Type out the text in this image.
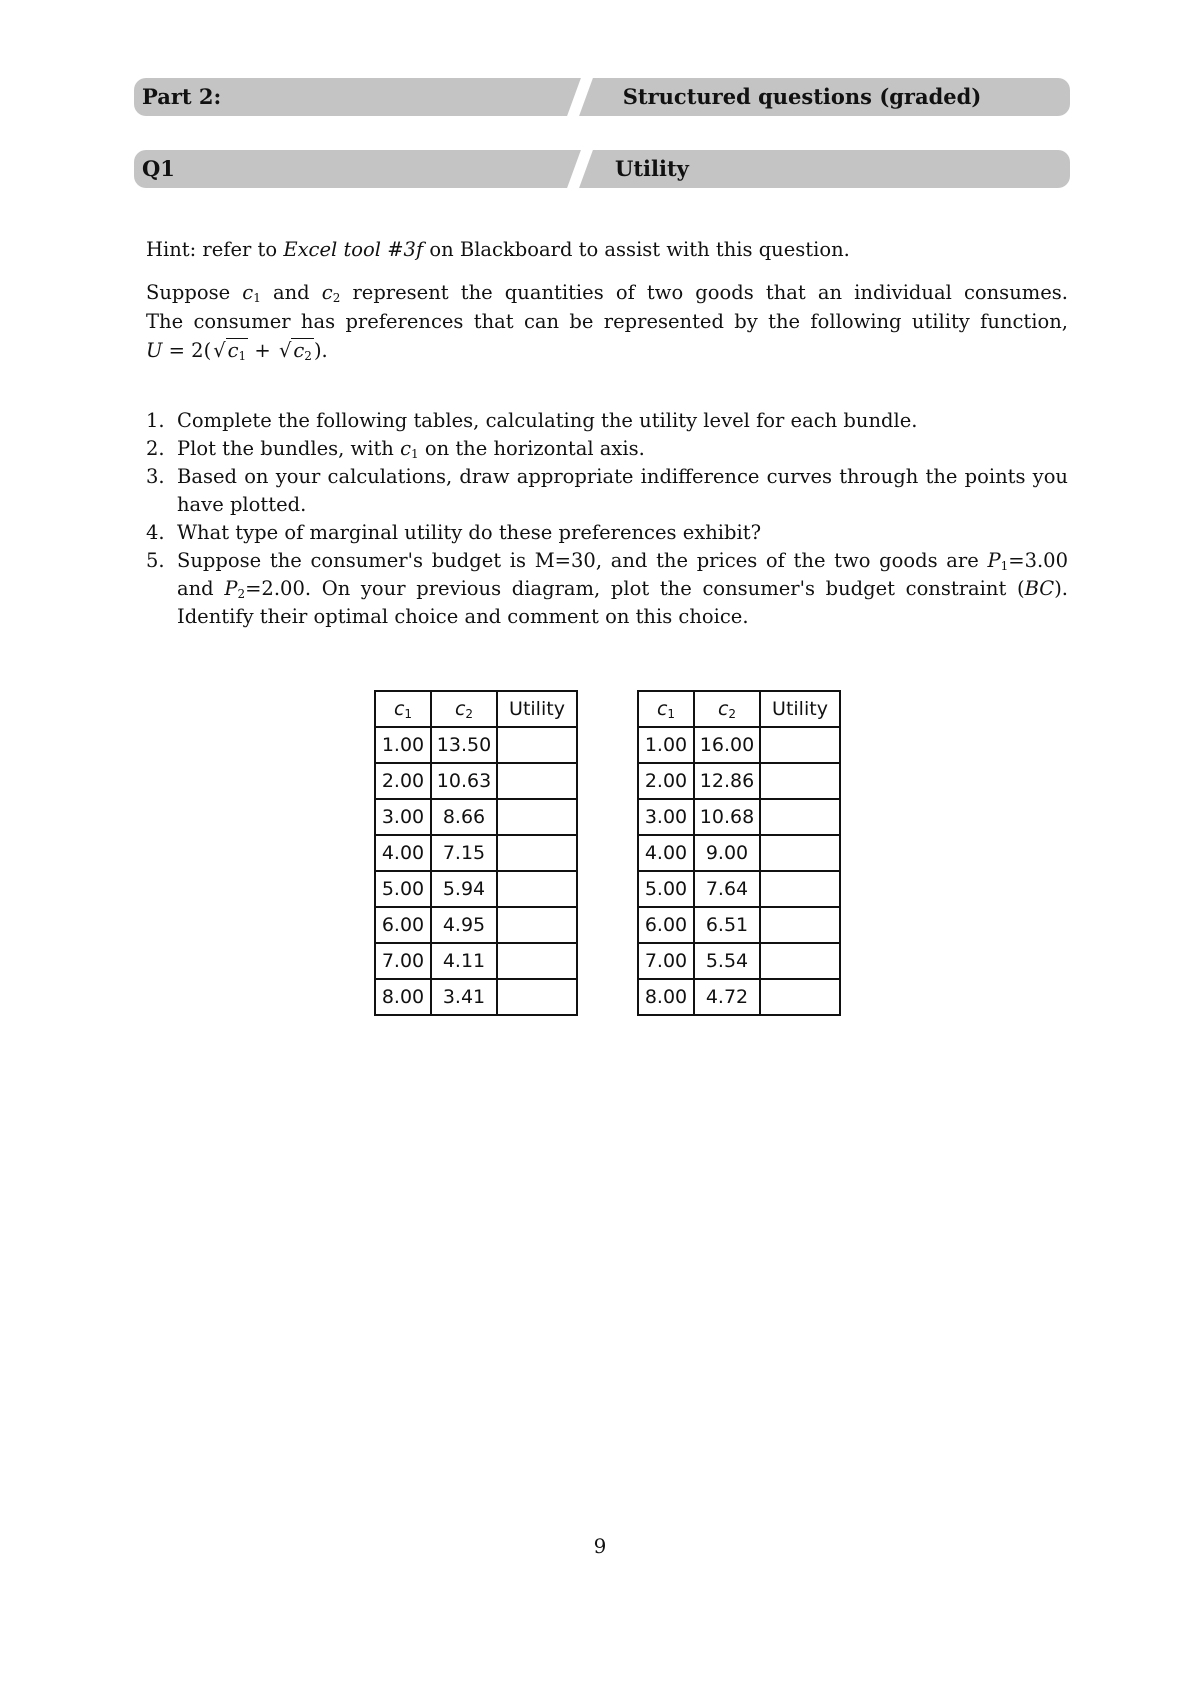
Part 2:	Structured questions (graded)
Q1	Utility
Hint: refer to Excel tool #3f on Blackboard to assist with this question.
Suppose $c_1$ and $c_2$ represent the quantities of two goods that an individual consumes.
The consumer has preferences that can be represented by the following utility function,
U = 2( √ $c_1$ + √ $c_2$ ).
1. Complete the following tables, calculating the utility level for each bundle.
2. Plot the bundles, with $c_1$ on the horizontal axis.
3. Based on your calculations, draw appropriate indifference curves through the points you have plotted.
4. What type of marginal utility do these preferences exhibit?
5. Suppose the consumer's budget is M=30, and the prices of the two goods are $P_1=3.00$ and $P_2=2.00$. On your previous diagram, plot the consumer's budget constraint (BC). Identify their optimal choice and comment on this choice.
$c_1$	$c_2$	Utility
1.00	13.50	
2.00	10.63	
3.00	8.66	
4.00	7.15	
5.00	5.94	
6.00	4.95	
7.00	4.11	
8.00	3.41	
$c_1$	$c_2$	Utility
1.00	16.00	
2.00	12.86	
3.00	10.68	
4.00	9.00	
5.00	7.64	
6.00	6.51	
7.00	5.54	
8.00	4.72	
9
